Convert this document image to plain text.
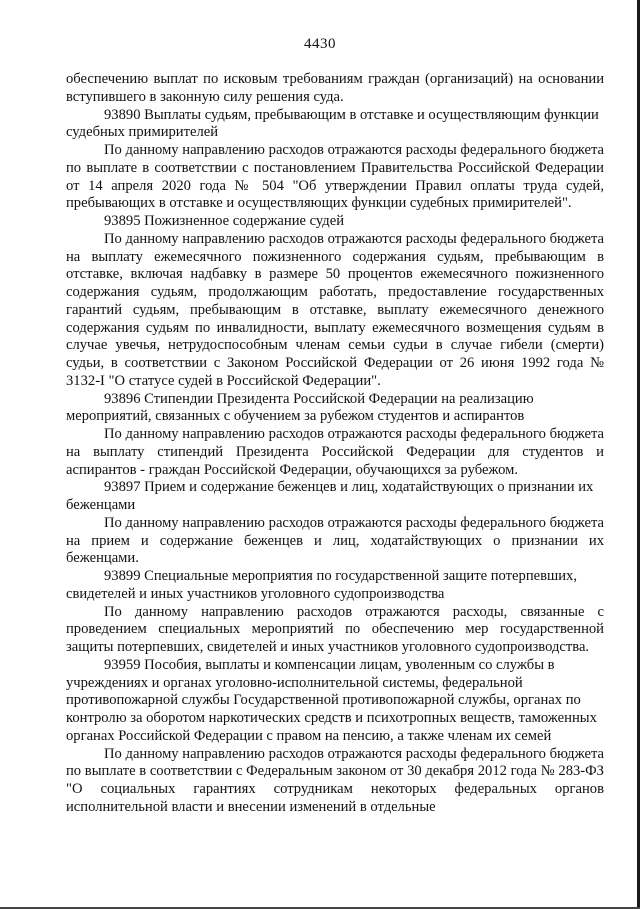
4430

обеспечению выплат по исковым требованиям граждан (организаций) на основании вступившего в законную силу решения суда.

93890 Выплаты судьям, пребывающим в отставке и осуществляющим функции судебных примирителей

По данному направлению расходов отражаются расходы федерального бюджета по выплате в соответствии с постановлением Правительства Российской Федерации от 14 апреля 2020 года № 504 "Об утверждении Правил оплаты труда судей, пребывающих в отставке и осуществляющих функции судебных примирителей".

93895 Пожизненное содержание судей

По данному направлению расходов отражаются расходы федерального бюджета на выплату ежемесячного пожизненного содержания судьям, пребывающим в отставке, включая надбавку в размере 50 процентов ежемесячного пожизненного содержания судьям, продолжающим работать, предоставление государственных гарантий судьям, пребывающим в отставке, выплату ежемесячного денежного содержания судьям по инвалидности, выплату ежемесячного возмещения судьям в случае увечья, нетрудоспособным членам семьи судьи в случае гибели (смерти) судьи, в соответствии с Законом Российской Федерации от 26 июня 1992 года № 3132-I "О статусе судей в Российской Федерации".

93896 Стипендии Президента Российской Федерации на реализацию мероприятий, связанных с обучением за рубежом студентов и аспирантов

По данному направлению расходов отражаются расходы федерального бюджета на выплату стипендий Президента Российской Федерации для студентов и аспирантов - граждан Российской Федерации, обучающихся за рубежом.

93897 Прием и содержание беженцев и лиц, ходатайствующих о признании их беженцами

По данному направлению расходов отражаются расходы федерального бюджета на прием и содержание беженцев и лиц, ходатайствующих о признании их беженцами.

93899 Специальные мероприятия по государственной защите потерпевших, свидетелей и иных участников уголовного судопроизводства

По данному направлению расходов отражаются расходы, связанные с проведением специальных мероприятий по обеспечению мер государственной защиты потерпевших, свидетелей и иных участников уголовного судопроизводства.

93959 Пособия, выплаты и компенсации лицам, уволенным со службы в учреждениях и органах уголовно-исполнительной системы, федеральной противопожарной службы Государственной противопожарной службы, органах по контролю за оборотом наркотических средств и психотропных веществ, таможенных органах Российской Федерации с правом на пенсию, а также членам их семей

По данному направлению расходов отражаются расходы федерального бюджета по выплате в соответствии с Федеральным законом от 30 декабря 2012 года № 283-ФЗ "О социальных гарантиях сотрудникам некоторых федеральных органов исполнительной власти и внесении изменений в отдельные
